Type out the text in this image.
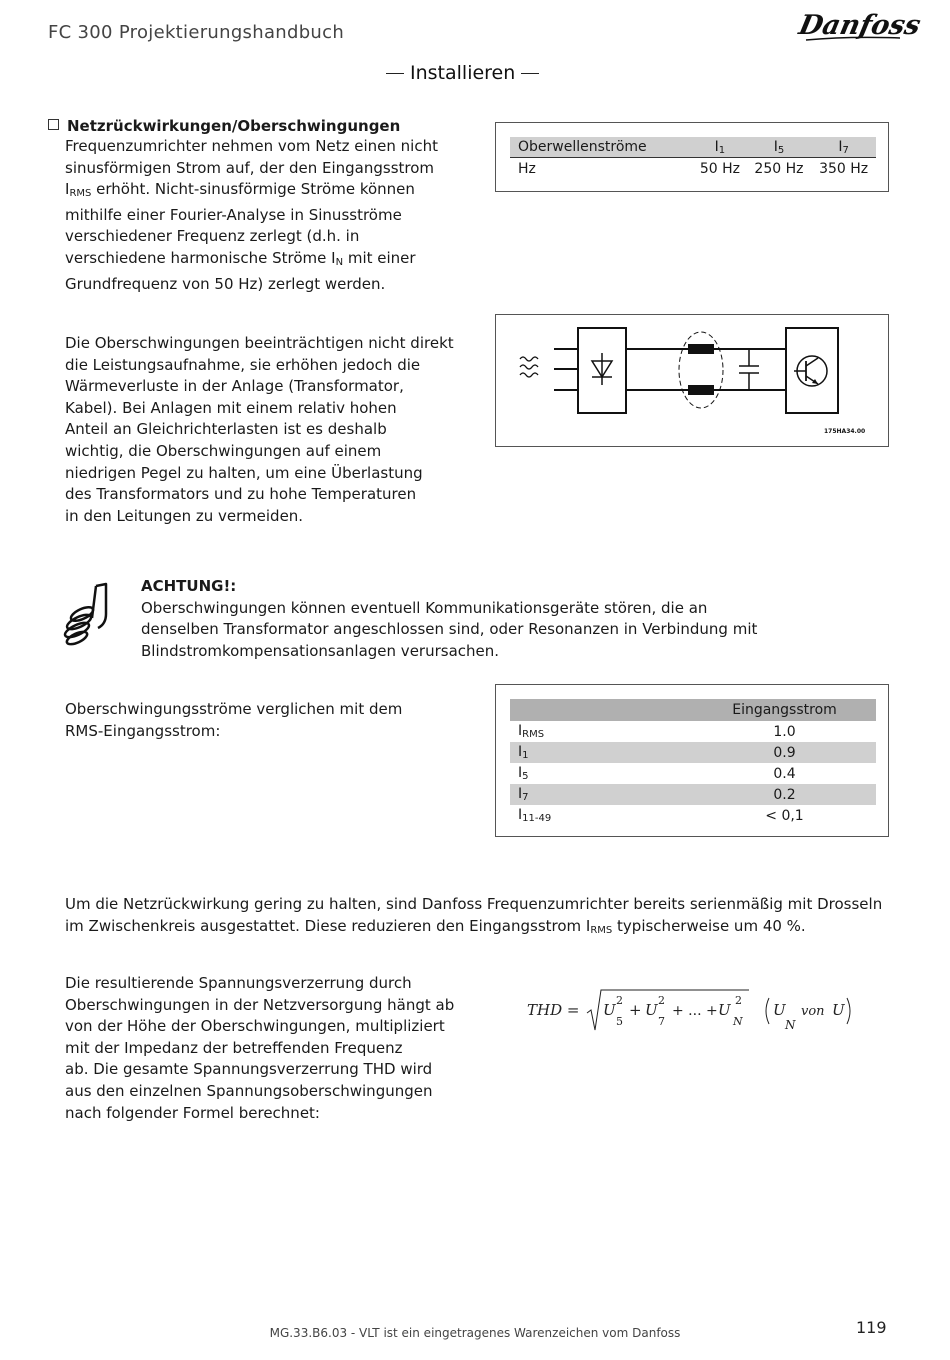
FC 300 Projektierungshandbuch	Danfoss
Installieren
Netzrückwirkungen/Oberschwingungen

Frequenzumrichter nehmen vom Netz einen nicht

sinusförmigen Strom auf, der den Eingangsstrom

$I_{RMS}$ erhöht. Nicht-sinusförmige Ströme können

mithilfe einer Fourier-Analyse in Sinusströme

verschiedener Frequenz zerlegt (d.h. in

verschiedene harmonische Ströme $I_N$ mit einer

Grundfrequenz von 50 Hz) zerlegt werden.

Oberwellenströme	$I_1$	$I_5$	$I_7$
Hz	50 Hz	250 Hz	350 Hz

Die Oberschwingungen beeinträchtigen nicht direkt

die Leistungsaufnahme, sie erhöhen jedoch die

Wärmeverluste in der Anlage (Transformator,

Kabel). Bei Anlagen mit einem relativ hohen

Anteil an Gleichrichterlasten ist es deshalb

wichtig, die Oberschwingungen auf einem

niedrigen Pegel zu halten, um eine Überlastung

des Transformators und zu hohe Temperaturen

in den Leitungen zu vermeiden.

175HA34.00

ACHTUNG!:

Oberschwingungen können eventuell Kommunikationsgeräte stören, die an

denselben Transformator angeschlossen sind, oder Resonanzen in Verbindung mit

Blindstromkompensationsanlagen verursachen.

Oberschwingungsströme verglichen mit dem

RMS-Eingangsstrom:

	Eingangsstrom
$I_{RMS}$	1.0
$I_1$	0.9
$I_5$	0.4
$I_7$	0.2
$I_{11-49}$	< 0,1

Um die Netzrückwirkung gering zu halten, sind Danfoss Frequenzumrichter bereits serienmäßig mit Drosseln

im Zwischenkreis ausgestattet. Diese reduzieren den Eingangsstrom $I_{RMS}$ typischerweise um 40 %.

Die resultierende Spannungsverzerrung durch

Oberschwingungen in der Netzversorgung hängt ab

von der Höhe der Oberschwingungen, multipliziert

mit der Impedanz der betreffenden Frequenz

ab. Die gesamte Spannungsverzerrung THD wird

aus den einzelnen Spannungsoberschwingungen

nach folgender Formel berechnet:

THD = U
2
5
+ U
2
7
+ ... + U
2
N
U
N
von U
MG.33.B6.03 - VLT ist ein eingetragenes Warenzeichen vom Danfoss	119
